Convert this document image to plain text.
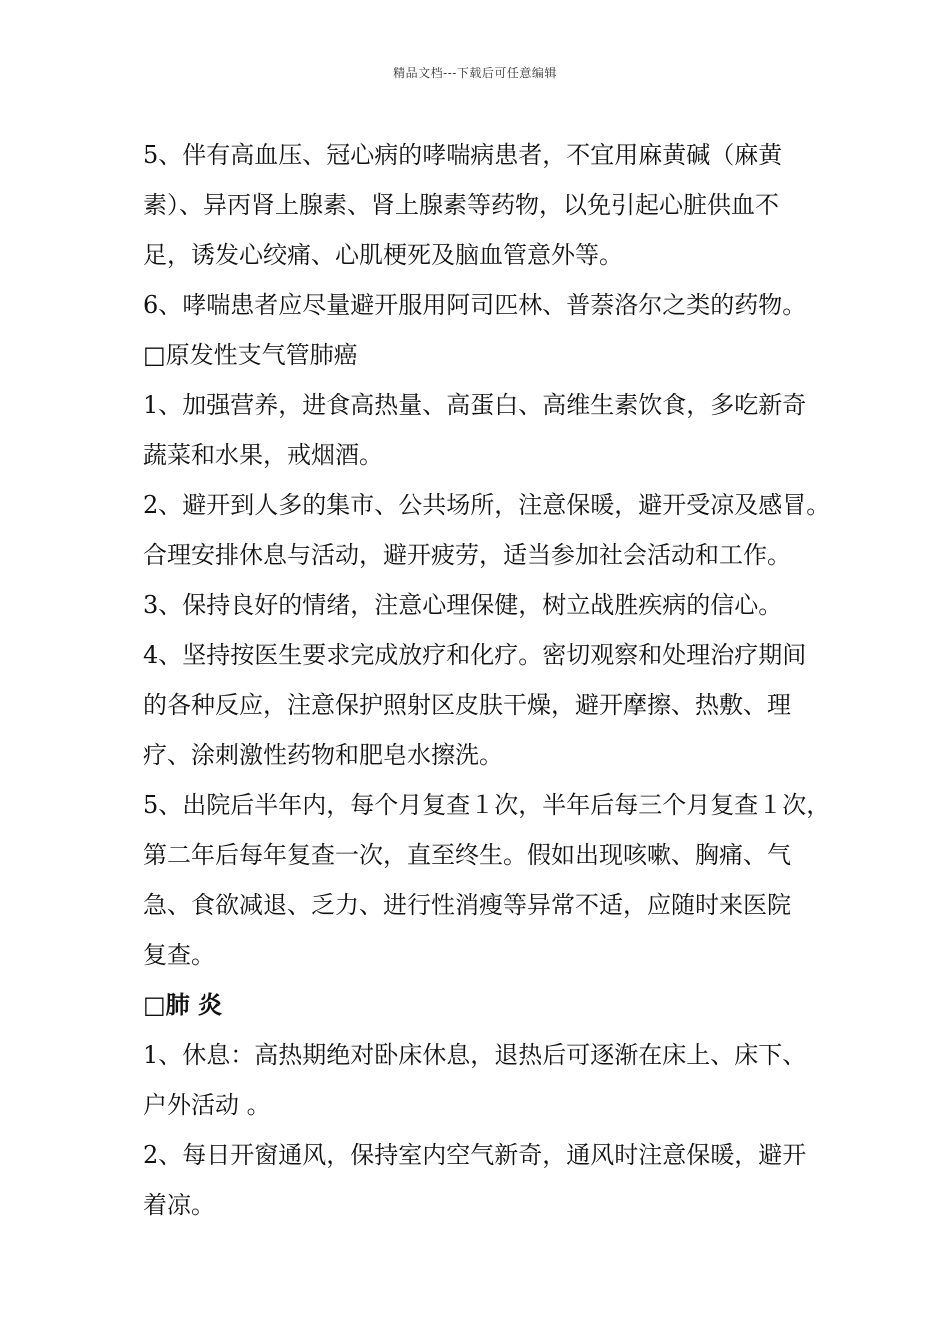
精品文档---下载后可任意编辑
5、伴有高血压、冠心病的哮喘病患者，不宜用麻黄碱（麻黄
素）、异丙肾上腺素、肾上腺素等药物，以免引起心脏供血不
足，诱发心绞痛、心肌梗死及脑血管意外等。
6、哮喘患者应尽量避开服用阿司匹林、普萘洛尔之类的药物。
□原发性支气管肺癌
1、加强营养，进食高热量、高蛋白、高维生素饮食，多吃新奇
蔬菜和水果，戒烟酒。
2、避开到人多的集市、公共场所，注意保暖，避开受凉及感冒。
合理安排休息与活动，避开疲劳，适当参加社会活动和工作。
3、保持良好的情绪，注意心理保健，树立战胜疾病的信心。
4、坚持按医生要求完成放疗和化疗。密切观察和处理治疗期间
的各种反应，注意保护照射区皮肤干燥，避开摩擦、热敷、理
疗、涂刺激性药物和肥皂水擦洗。
5、出院后半年内，每个月复查１次，半年后每三个月复查１次，
第二年后每年复查一次，直至终生。假如出现咳嗽、胸痛、气
急、食欲减退、乏力、进行性消瘦等异常不适，应随时来医院
复查。
□肺 炎
1、休息：高热期绝对卧床休息，退热后可逐渐在床上、床下、
户外活动 。
2、每日开窗通风，保持室内空气新奇，通风时注意保暖，避开
着凉。
